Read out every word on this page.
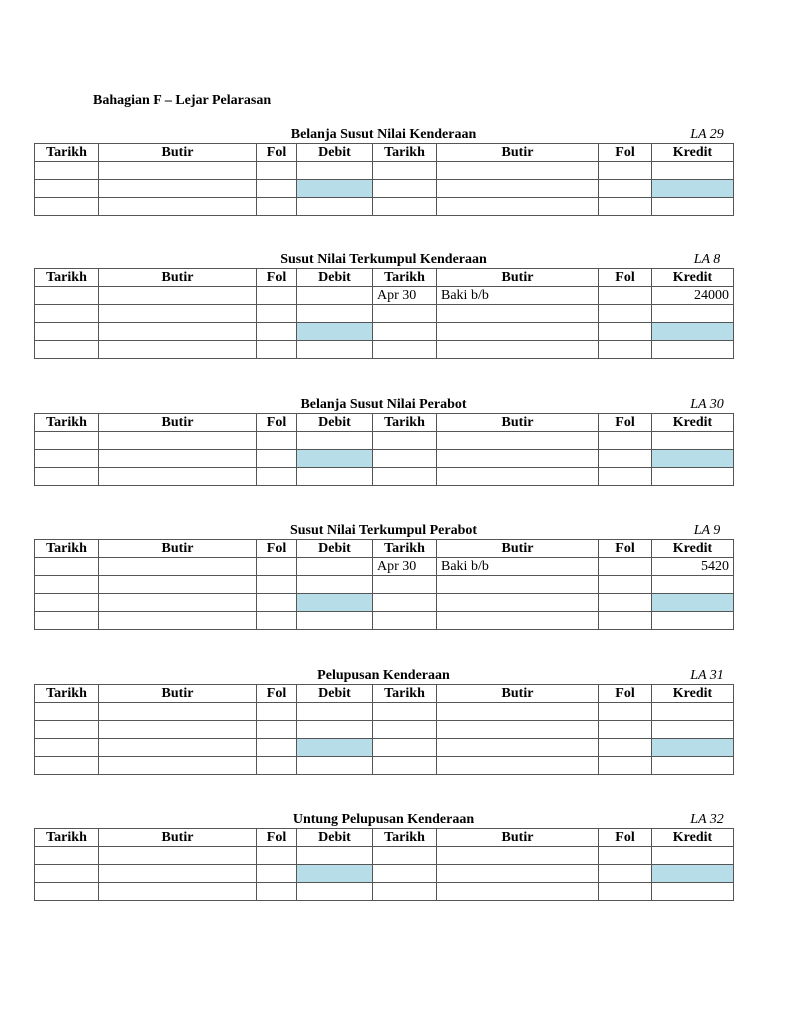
Bahagian F – Lejar Pelarasan
Belanja Susut Nilai Kenderaan	LA 29
Tarikh	Butir	Fol	Debit	Tarikh	Butir	Fol	Kredit

Susut Nilai Terkumpul Kenderaan	LA 8
Tarikh	Butir	Fol	Debit	Tarikh	Butir	Fol	Kredit
				Apr 30	Baki b/b		24000

Belanja Susut Nilai Perabot	LA 30
Tarikh	Butir	Fol	Debit	Tarikh	Butir	Fol	Kredit

Susut Nilai Terkumpul Perabot	LA 9
Tarikh	Butir	Fol	Debit	Tarikh	Butir	Fol	Kredit
				Apr 30	Baki b/b		5420

Pelupusan Kenderaan	LA 31
Tarikh	Butir	Fol	Debit	Tarikh	Butir	Fol	Kredit

Untung Pelupusan Kenderaan	LA 32
Tarikh	Butir	Fol	Debit	Tarikh	Butir	Fol	Kredit
